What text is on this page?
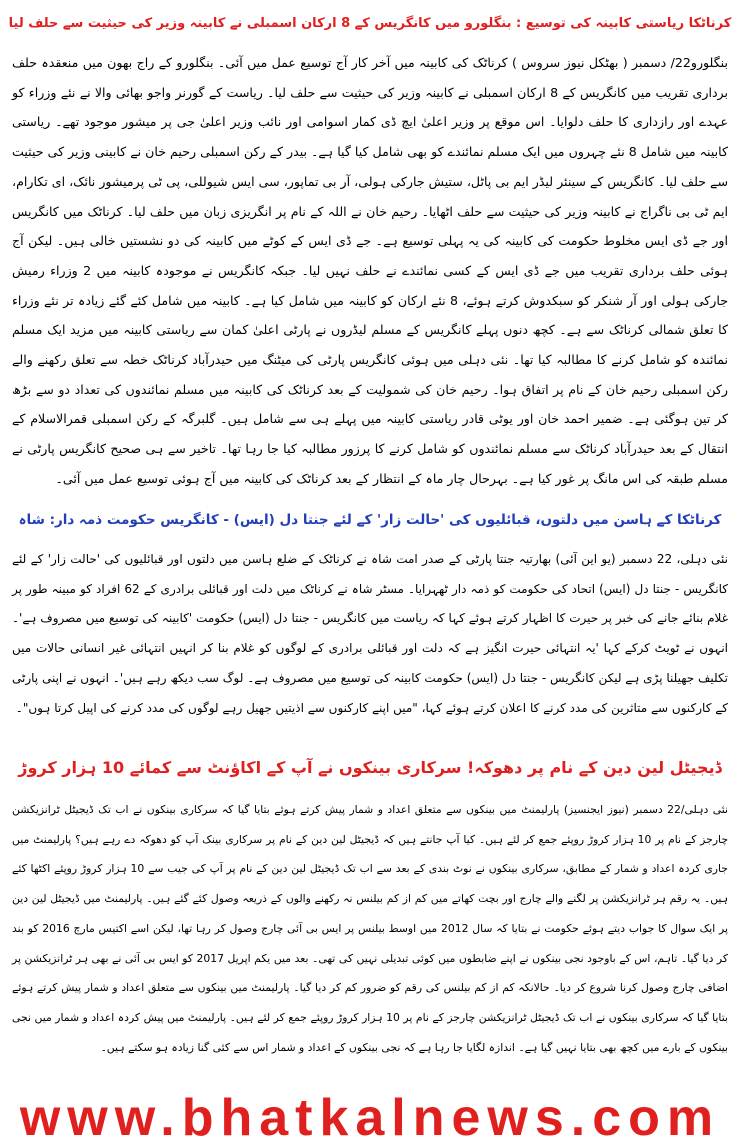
کرناٹکا ریاستی کابینہ کی توسیع : بنگلورو میں کانگریس کے 8 ارکان اسمبلی نے کابینہ وزیر کی حیثیت سے حلف لیا

بنگلورو22/ دسمبر ( بھٹکل نیوز سروس ) کرناٹک کی کابینہ میں آخر کار آج توسیع عمل میں آئی۔ بنگلورو کے راج بھون میں منعقدہ حلف برداری تقریب میں کانگریس کے 8 ارکان اسمبلی نے کابینہ وزیر کی حیثیت سے حلف لیا۔ ریاست کے گورنر واجو بھائی والا نے نئے وزراء کو عہدے اور رازداری کا حلف دلوایا۔ اس موقع پر وزیر اعلیٰ ایچ ڈی کمار اسوامی اور نائب وزیر اعلیٰ جی پر میشور موجود تھے۔ ریاستی کابینہ میں شامل 8 نئے چہروں میں ایک مسلم نمائندے کو بھی شامل کیا گیا ہے۔ بیدر کے رکن اسمبلی رحیم خان نے کابینی وزیر کی حیثیت سے حلف لیا۔ کانگریس کے سینئر لیڈر ایم بی پاٹل، ستیش جارکی ہولی، آر بی تماپور، سی ایس شیوللی، پی ٹی پرمیشور نائک، ای تکارام، ایم ٹی بی ناگراج نے کابینہ وزیر کی حیثیت سے حلف اٹھایا۔ رحیم خان نے اللہ کے نام پر انگریزی زبان میں حلف لیا۔ کرناٹک میں کانگریس اور جے ڈی ایس مخلوط حکومت کی کابینہ کی یہ پہلی توسیع ہے۔ جے ڈی ایس کے کوٹے میں کابینہ کی دو نشستیں خالی ہیں۔ لیکن آج ہوئی حلف برداری تقریب میں جے ڈی ایس کے کسی نمائندے نے حلف نہیں لیا۔ جبکہ کانگریس نے موجودہ کابینہ میں 2 وزراء رمیش جارکی ہولی اور آر شنکر کو سبکدوش کرتے ہوئے، 8 نئے ارکان کو کابینہ میں شامل کیا ہے۔ کابینہ میں شامل کئے گئے زیادہ تر نئے وزراء کا تعلق شمالی کرناٹک سے ہے۔ کچھ دنوں پہلے کانگریس کے مسلم لیڈروں نے پارٹی اعلیٰ کمان سے ریاستی کابینہ میں مزید ایک مسلم نمائندہ کو شامل کرنے کا مطالبہ کیا تھا۔ نئی دہلی میں ہوئی کانگریس پارٹی کی میٹنگ میں حیدرآباد کرناٹک خطہ سے تعلق رکھنے والے رکن اسمبلی رحیم خان کے نام پر اتفاق ہوا۔ رحیم خان کی شمولیت کے بعد کرناٹک کی کابینہ میں مسلم نمائندوں کی تعداد دو سے بڑھ کر تین ہوگئی ہے۔ ضمیر احمد خان اور یوٹی قادر ریاستی کابینہ میں پہلے ہی سے شامل ہیں۔ گلبرگہ کے رکن اسمبلی قمرالاسلام کے انتقال کے بعد حیدرآباد کرناٹک سے مسلم نمائندوں کو شامل کرنے کا پرزور مطالبہ کیا جا رہا تھا۔ تاخیر سے ہی صحیح کانگریس پارٹی نے مسلم طبقہ کی اس مانگ پر غور کیا ہے۔ بہرحال چار ماہ کے انتظار کے بعد کرناٹک کی کابینہ میں آج ہوئی توسیع عمل میں آئی۔

کرناٹکا کے ہاسن میں دلتوں، قبائلیوں کی 'حالت زار' کے لئے جنتا دل (ایس) - کانگریس حکومت ذمہ دار: شاہ

نئی دہلی، 22 دسمبر (یو این آئی) بھارتیہ جنتا پارٹی کے صدر امت شاہ نے کرناٹک کے ضلع ہاسن میں دلتوں اور قبائلیوں کی 'حالت زار' کے لئے کانگریس - جنتا دل (ایس) اتحاد کی حکومت کو ذمہ دار ٹھہرایا۔ مسٹر شاہ نے کرناٹک میں دلت اور قبائلی برادری کے 62 افراد کو مبینہ طور پر غلام بنائے جانے کی خبر پر حیرت کا اظہار کرتے ہوئے کہا کہ ریاست میں کانگریس - جنتا دل (ایس) حکومت 'کابینہ کی توسیع میں مصروف ہے'۔ انہوں نے ٹویٹ کرکے کہا 'یہ انتہائی حیرت انگیز ہے کہ دلت اور قبائلی برادری کے لوگوں کو غلام بنا کر انہیں انتہائی غیر انسانی حالات میں تکلیف جھیلنا پڑی ہے لیکن کانگریس - جنتا دل (ایس) حکومت کابینہ کی توسیع میں مصروف ہے۔ لوگ سب دیکھ رہے ہیں'۔ انہوں نے اپنی پارٹی کے کارکنوں سے متاثرین کی مدد کرنے کا اعلان کرتے ہوئے کہا، "میں اپنے کارکنوں سے اذیتیں جھیل رہے لوگوں کی مدد کرنے کی اپیل کرتا ہوں"۔

ڈیجیٹل لین دین کے نام پر دھوکہ! سرکاری بینکوں نے آپ کے اکاؤنٹ سے کمائے 10 ہزار کروڑ

نئی دہلی/22 دسمبر (نیوز ایجنسیز) پارلیمنٹ میں بینکوں سے متعلق اعداد و شمار پیش کرتے ہوئے بتایا گیا کہ سرکاری بینکوں نے اب تک ڈیجیٹل ٹرانزیکشن چارجز کے نام پر 10 ہزار کروڑ روپئے جمع کر لئے ہیں۔ کیا آپ جانتے ہیں کہ ڈیجیٹل لین دین کے نام پر سرکاری بینک آپ کو دھوکہ دے رہے ہیں؟ پارلیمنٹ میں جاری کردہ اعداد و شمار کے مطابق، سرکاری بینکوں نے نوٹ بندی کے بعد سے اب تک ڈیجیٹل لین دین کے نام پر آپ کی جیب سے 10 ہزار کروڑ روپئے اکٹھا کئے ہیں۔ یہ رقم ہر ٹرانزیکشن پر لگنے والے چارج اور بچت کھاتے میں کم از کم بیلنس نہ رکھنے والوں کے ذریعہ وصول کئے گئے ہیں۔ پارلیمنٹ میں ڈیجیٹل لین دین پر ایک سوال کا جواب دیتے ہوئے حکومت نے بتایا کہ سال 2012 میں اوسط بیلنس پر ایس بی آئی چارج وصول کر رہا تھا، لیکن اسے اکتیس مارچ 2016 کو بند کر دیا گیا۔ تاہم، اس کے باوجود نجی بینکوں نے اپنے ضابطوں میں کوئی تبدیلی نہیں کی تھی۔ بعد میں یکم اپریل 2017 کو ایس بی آئی نے بھی ہر ٹرانزیکشن پر اضافی چارج وصول کرنا شروع کر دیا۔ حالانکہ کم از کم بیلنس کی رقم کو ضرور کم کر دیا گیا۔ پارلیمنٹ میں بینکوں سے متعلق اعداد و شمار پیش کرتے ہوئے بتایا گیا کہ سرکاری بینکوں نے اب تک ڈیجیٹل ٹرانزیکشن چارجز کے نام پر 10 ہزار کروڑ روپئے جمع کر لئے ہیں۔ پارلیمنٹ میں پیش کردہ اعداد و شمار میں نجی بینکوں کے بارے میں کچھ بھی بتایا نہیں گیا ہے۔ اندازہ لگایا جا رہا ہے کہ نجی بینکوں کے اعداد و شمار اس سے کئی گنا زیادہ ہو سکتے ہیں۔

www.bhatkalnews.com
